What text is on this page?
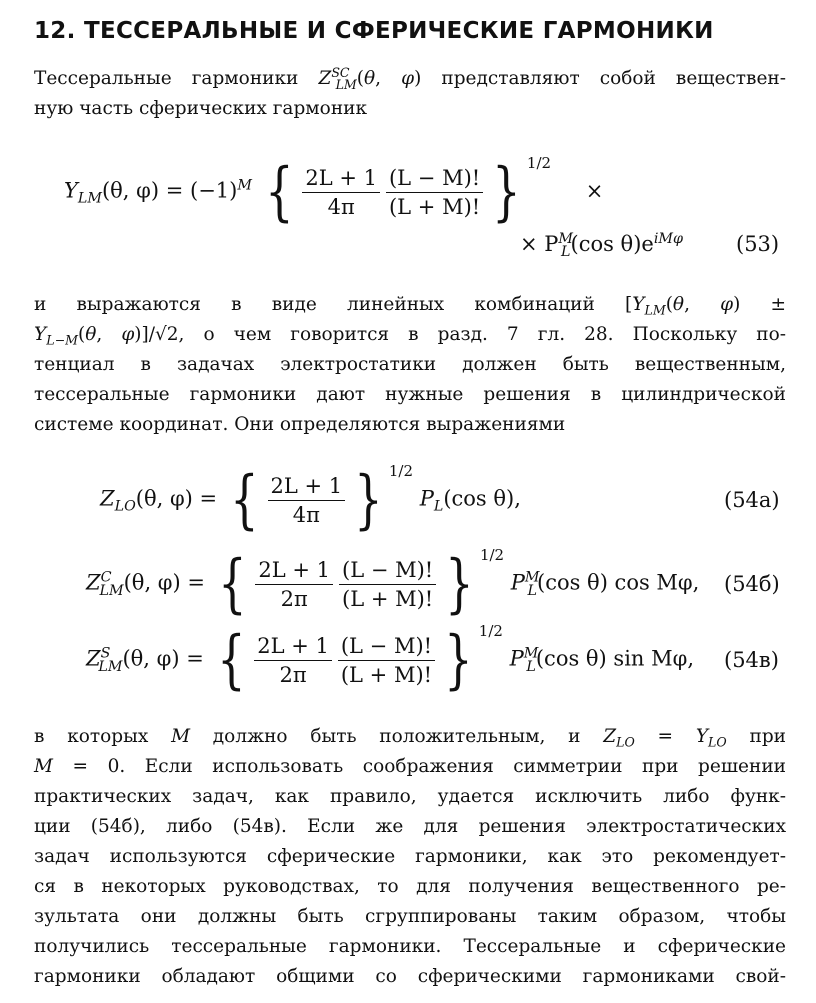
12. ТЕССЕРАЛЬНЫЕ И СФЕРИЧЕСКИЕ ГАРМОНИКИ
Тессеральные гармоники $Z^{SC}_{LM}(\theta$, φ) представляют собой веществен-
ную часть сферических гармоник
$Y_{LM}(\theta$, $\varphi) = (-1)^M$ { $\frac{2L + 1}{4\pi} \frac{(L - M)!}{(L + M)!}$ } 1/2 ×
× $P^M_L(\cos$ $\theta)e^{iM\varphi}$	(53)
и выражаются в виде линейных комбинаций [$Y_{LM}(\theta$, φ) ±
$Y_{L-M}(\theta$, φ)]/√2, о чем говорится в разд. 7 гл. 28. Поскольку по-
тенциал в задачах электростатики должен быть вещественным,
тессеральные гармоники дают нужные решения в цилиндрической
системе координат. Они определяются выражениями
$Z_{LO}(\theta$, φ) = { $\frac{2L + 1}{4\pi}$ } 1/2 $P_L(\cos$ θ),	(54a)
$Z^C_{LM}(\theta$, φ) = { $\frac{2L + 1}{2\pi} \frac{(L - M)!}{(L + M)!}$ } 1/2 $P^M_L(\cos$ θ) cos Mφ, (54б)
$Z^S_{LM}(\theta$, φ) = { $\frac{2L + 1}{2\pi} \frac{(L - M)!}{(L + M)!}$ } 1/2 $P^M_L(\cos$ θ) sin Mφ, (54в)
в которых M должно быть положительным, и $Z_{LO} = Y_{LO}$ при
M = 0. Если использовать соображения симметрии при решении
практических задач, как правило, удается исключить либо функ-
ции (54б), либо (54в). Если же для решения электростатических
задач используются сферические гармоники, как это рекомендует-
ся в некоторых руководствах, то для получения вещественного ре-
зультата они должны быть сгруппированы таким образом, чтобы
получились тессеральные гармоники. Тессеральные и сферические
гармоники обладают общими со сферическими гармониками свой-
